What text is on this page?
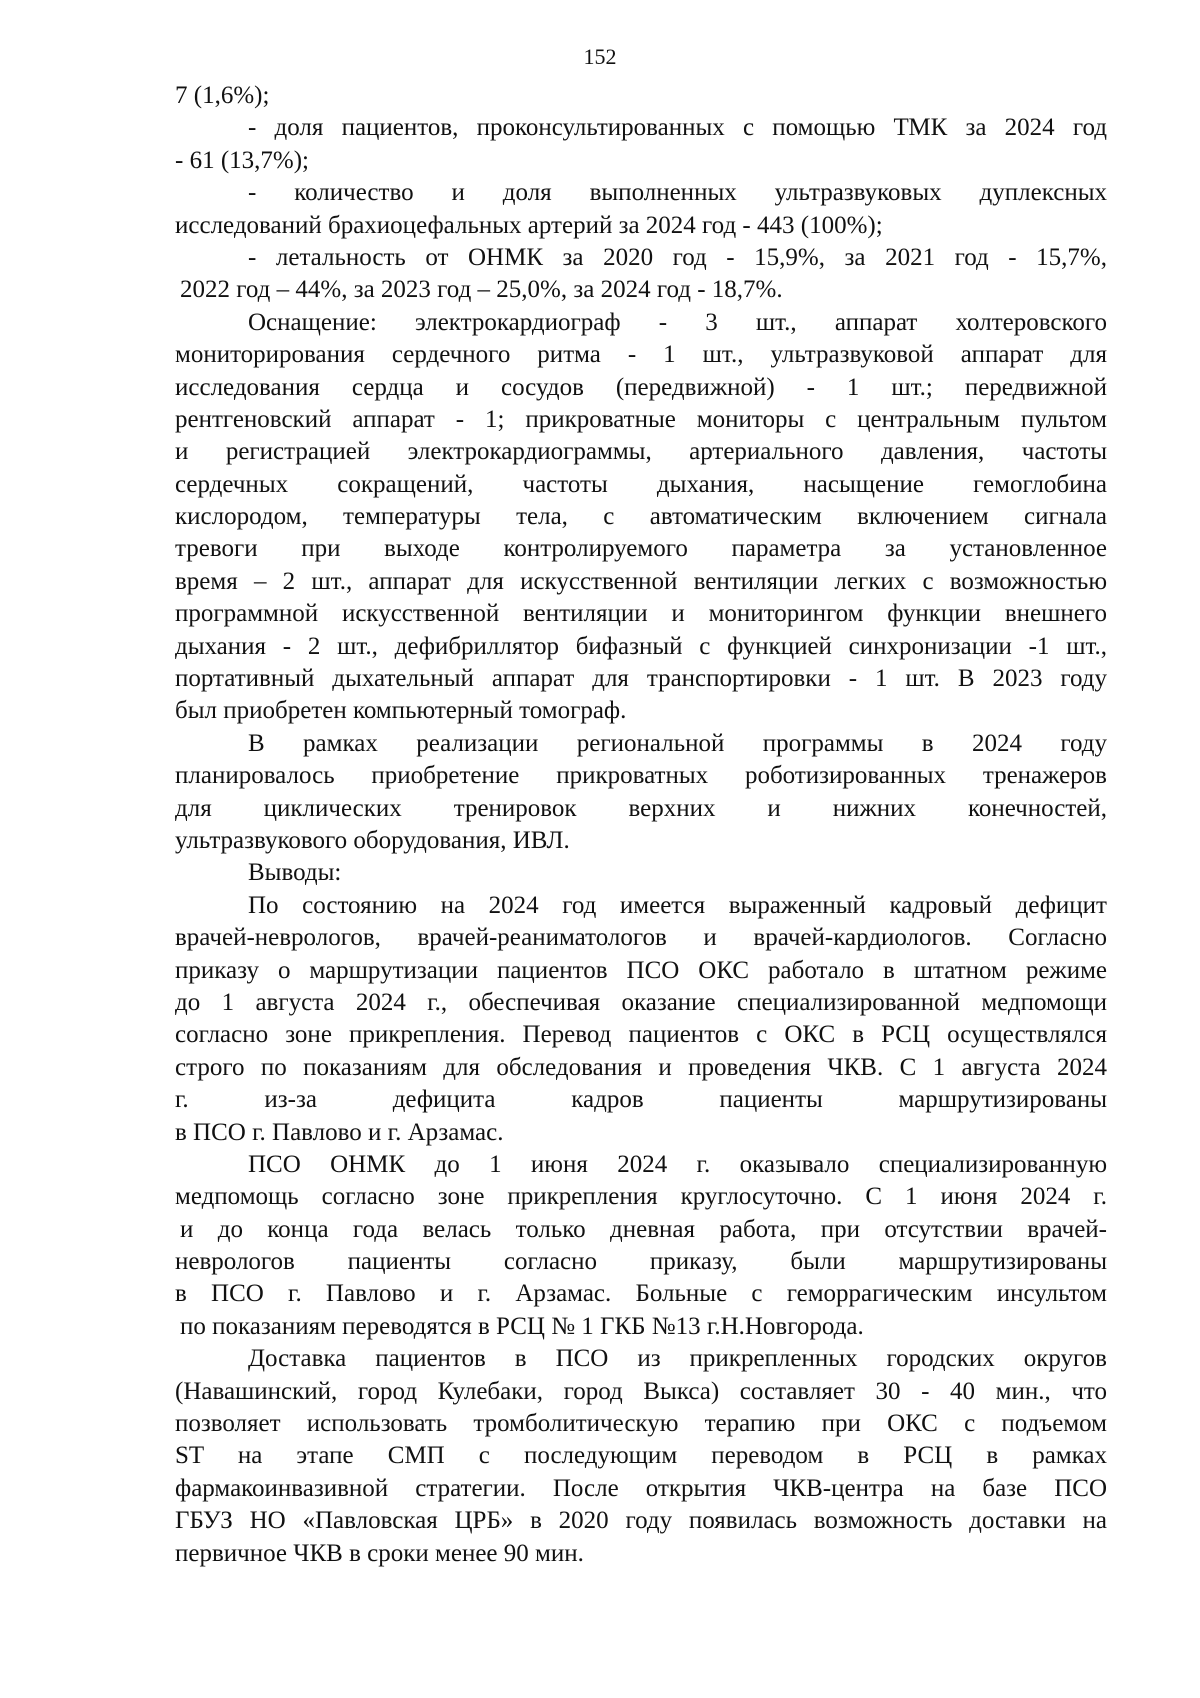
152
7 (1,6%);
- доля пациентов, проконсультированных с помощью ТМК за 2024 год
- 61 (13,7%);
- количество и доля выполненных ультразвуковых дуплексных
исследований брахиоцефальных артерий за 2024 год - 443 (100%);
- летальность от ОНМК за 2020 год - 15,9%, за 2021 год - 15,7%,
2022 год – 44%, за 2023 год – 25,0%, за 2024 год - 18,7%.
Оснащение: электрокардиограф - 3 шт., аппарат холтеровского
мониторирования сердечного ритма - 1 шт., ультразвуковой аппарат для
исследования сердца и сосудов (передвижной) - 1 шт.; передвижной
рентгеновский аппарат - 1; прикроватные мониторы с центральным пультом
и регистрацией электрокардиограммы, артериального давления, частоты
сердечных сокращений, частоты дыхания, насыщение гемоглобина
кислородом, температуры тела, с автоматическим включением сигнала
тревоги при выходе контролируемого параметра за установленное
время – 2 шт., аппарат для искусственной вентиляции легких с возможностью
программной искусственной вентиляции и мониторингом функции внешнего
дыхания - 2 шт., дефибриллятор бифазный с функцией синхронизации -1 шт.,
портативный дыхательный аппарат для транспортировки - 1 шт. В 2023 году
был приобретен компьютерный томограф.
В рамках реализации региональной программы в 2024 году
планировалось приобретение прикроватных роботизированных тренажеров
для циклических тренировок верхних и нижних конечностей,
ультразвукового оборудования, ИВЛ.
Выводы:
По состоянию на 2024 год имеется выраженный кадровый дефицит
врачей-неврологов, врачей-реаниматологов и врачей-кардиологов. Согласно
приказу о маршрутизации пациентов ПСО ОКС работало в штатном режиме
до 1 августа 2024 г., обеспечивая оказание специализированной медпомощи
согласно зоне прикрепления. Перевод пациентов с ОКС в РСЦ осуществлялся
строго по показаниям для обследования и проведения ЧКВ. С 1 августа 2024
г. из-за дефицита кадров пациенты маршрутизированы
в ПСО г. Павлово и г. Арзамас.
ПСО ОНМК до 1 июня 2024 г. оказывало специализированную
медпомощь согласно зоне прикрепления круглосуточно. С 1 июня 2024 г.
и до конца года велась только дневная работа, при отсутствии врачей-
неврологов пациенты согласно приказу, были маршрутизированы
в ПСО г. Павлово и г. Арзамас. Больные с геморрагическим инсультом
по показаниям переводятся в РСЦ № 1 ГКБ №13 г.Н.Новгорода.
Доставка пациентов в ПСО из прикрепленных городских округов
(Навашинский, город Кулебаки, город Выкса) составляет 30 - 40 мин., что
позволяет использовать тромболитическую терапию при ОКС с подъемом
ST на этапе СМП с последующим переводом в РСЦ в рамках
фармакоинвазивной стратегии. После открытия ЧКВ-центра на базе ПСО
ГБУЗ НО «Павловская ЦРБ» в 2020 году появилась возможность доставки на
первичное ЧКВ в сроки менее 90 мин.
